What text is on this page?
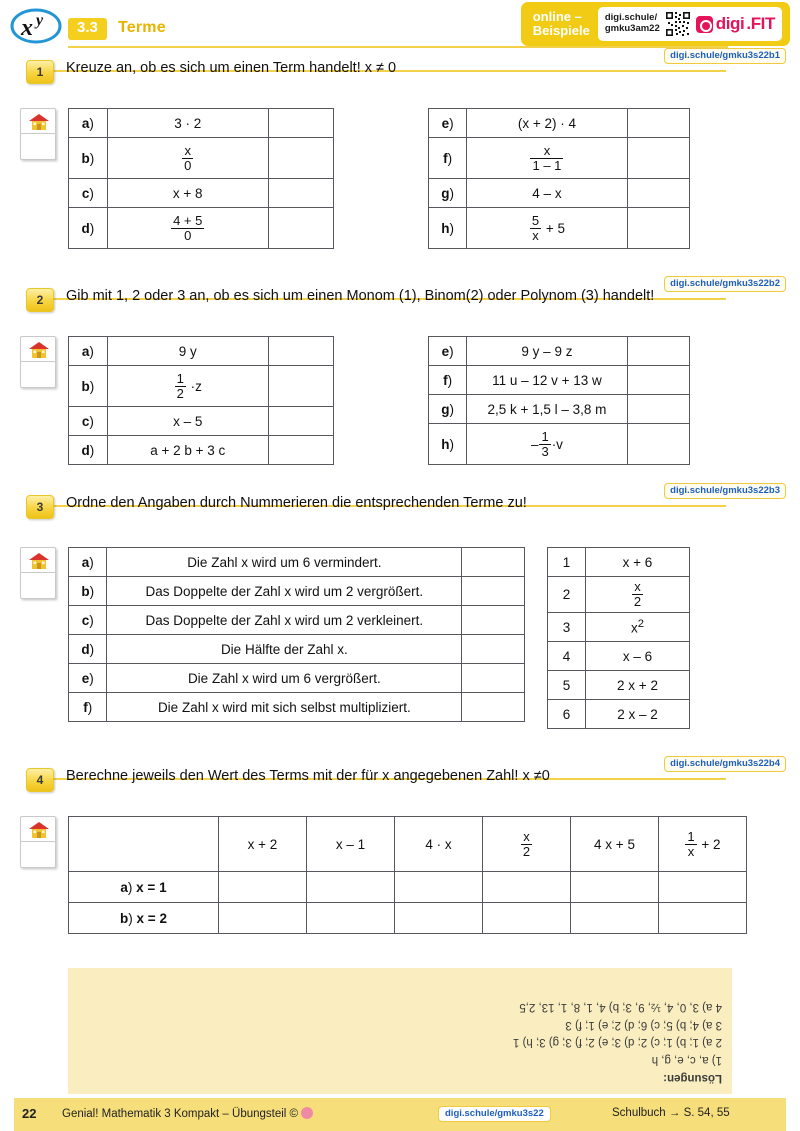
x y	3.3	Terme
online –
Beispiele
digi.schule/
gmku3am22	digi .FIT
1	Kreuze an, ob es sich um einen Term handelt! x ≠ 0
digi.schule/gmku3s22b1
a)	3 · 2	
b)	$\frac{x}{0}$

c)	x + 8	
d)	$\frac{4 + 5}{0}$

e)	(x + 2) · 4	
f)	$\frac{x}{1 - 1}$

g)	4 – x	
h)	$\frac{5}{x} + 5$	
2	Gib mit 1, 2 oder 3 an, ob es sich um einen Monom (1), Binom(2) oder Polynom (3) handelt!
digi.schule/gmku3s22b2
a)	9 y	
b)	$\frac{1}{2} \cdot z$	
c)	x – 5	
d)	a + 2 b + 3 c	
e)	9 y – 9 z	
f)	11 u – 12 v + 13 w	
g)	2,5 k + 1,5 l – 3,8 m	
h)	– $\frac{1}{3} \cdot v$	
3	Ordne den Angaben durch Nummerieren die entsprechenden Terme zu!
digi.schule/gmku3s22b3
a)	Die Zahl x wird um 6 vermindert.	
b)	Das Doppelte der Zahl x wird um 2 vergrößert.	
c)	Das Doppelte der Zahl x wird um 2 verkleinert.	
d)	Die Hälfte der Zahl x.	
e)	Die Zahl x wird um 6 vergrößert.	
f)	Die Zahl x wird mit sich selbst multipliziert.	
1	x + 6
2	$\frac{x}{2}$

3	$x^2$
4	x – 6
5	2 x + 2
6	2 x – 2
4	Berechne jeweils den Wert des Terms mit der für x angegebenen Zahl! x ≠0
digi.schule/gmku3s22b4
	x + 2	x – 1	4 · x	$\frac{x}{2}$	4 x + 5	$\frac{1}{x} + 2$
a) x = 1						
b) x = 2						
Lösungen:
1) a, c, e, g, h
2 a) 1; b) 1; c) 2; d) 3; e) 2; f) 3; g) 3; h) 1
3 a) 4; b) 5; c) 6; d) 2; e) 1; f) 3
4 a) 3, 0, 4, ½, 9, 3; b) 4, 1, 8, 1, 13, 2,5
22 Genial! Mathematik 3 Kompakt – Übungsteil ©	digi.schule/gmku3s22	Schulbuch → S. 54, 55
